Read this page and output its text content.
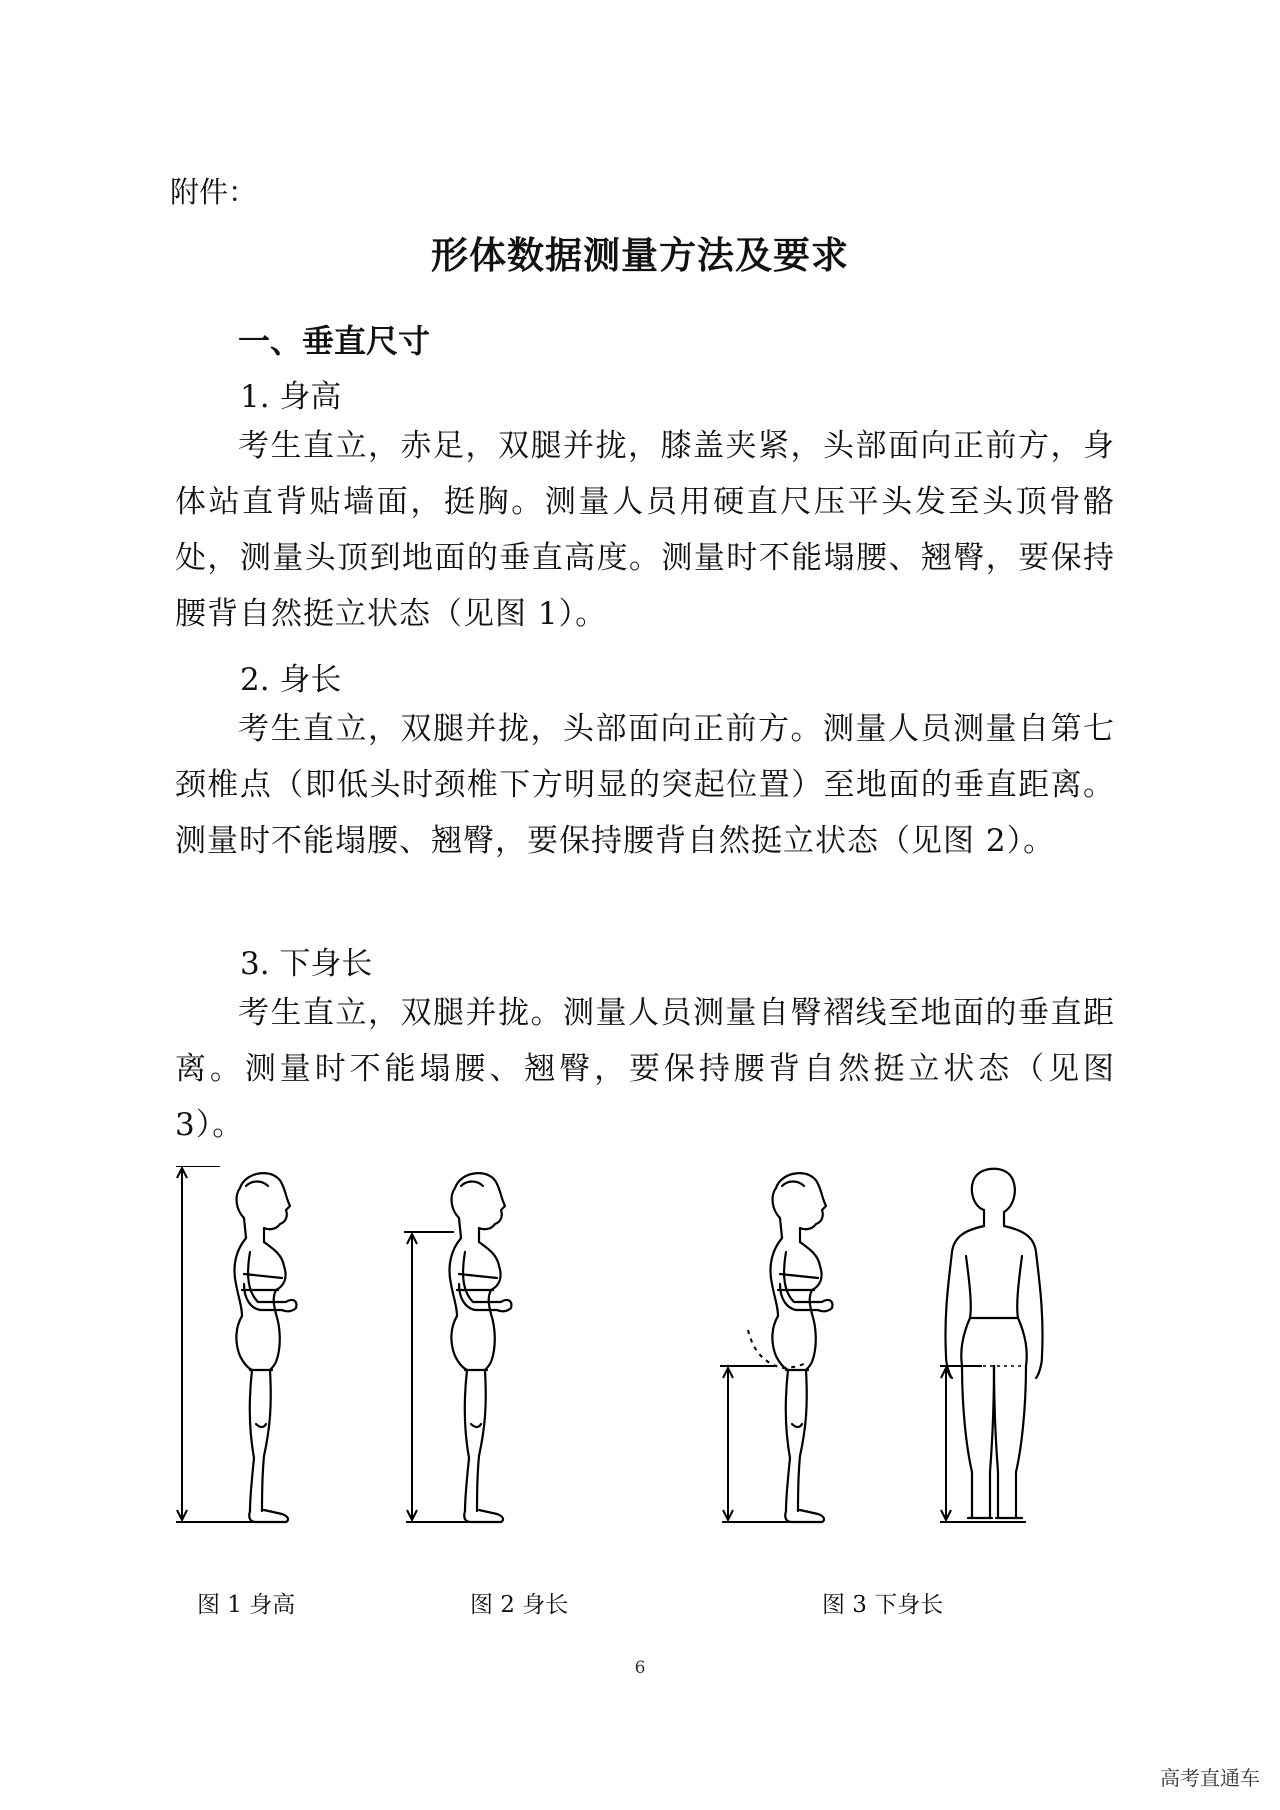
附件：
形体数据测量方法及要求
一、垂直尺寸
1. 身高
考生直立，赤足，双腿并拢，膝盖夹紧，头部面向正前方，身体站直背贴墙面，挺胸。测量人员用硬直尺压平头发至头顶骨骼处，测量头顶到地面的垂直高度。测量时不能塌腰、翘臀，要保持腰背自然挺立状态（见图 1）。
2. 身长
考生直立，双腿并拢，头部面向正前方。测量人员测量自第七颈椎点（即低头时颈椎下方明显的突起位置）至地面的垂直距离。测量时不能塌腰、翘臀，要保持腰背自然挺立状态（见图 2）。
3. 下身长
考生直立，双腿并拢。测量人员测量自臀褶线至地面的垂直距离。测量时不能塌腰、翘臀，要保持腰背自然挺立状态（见图 3）。
图 1 身高	图 2 身长	图 3 下身长
6
高考直通车
